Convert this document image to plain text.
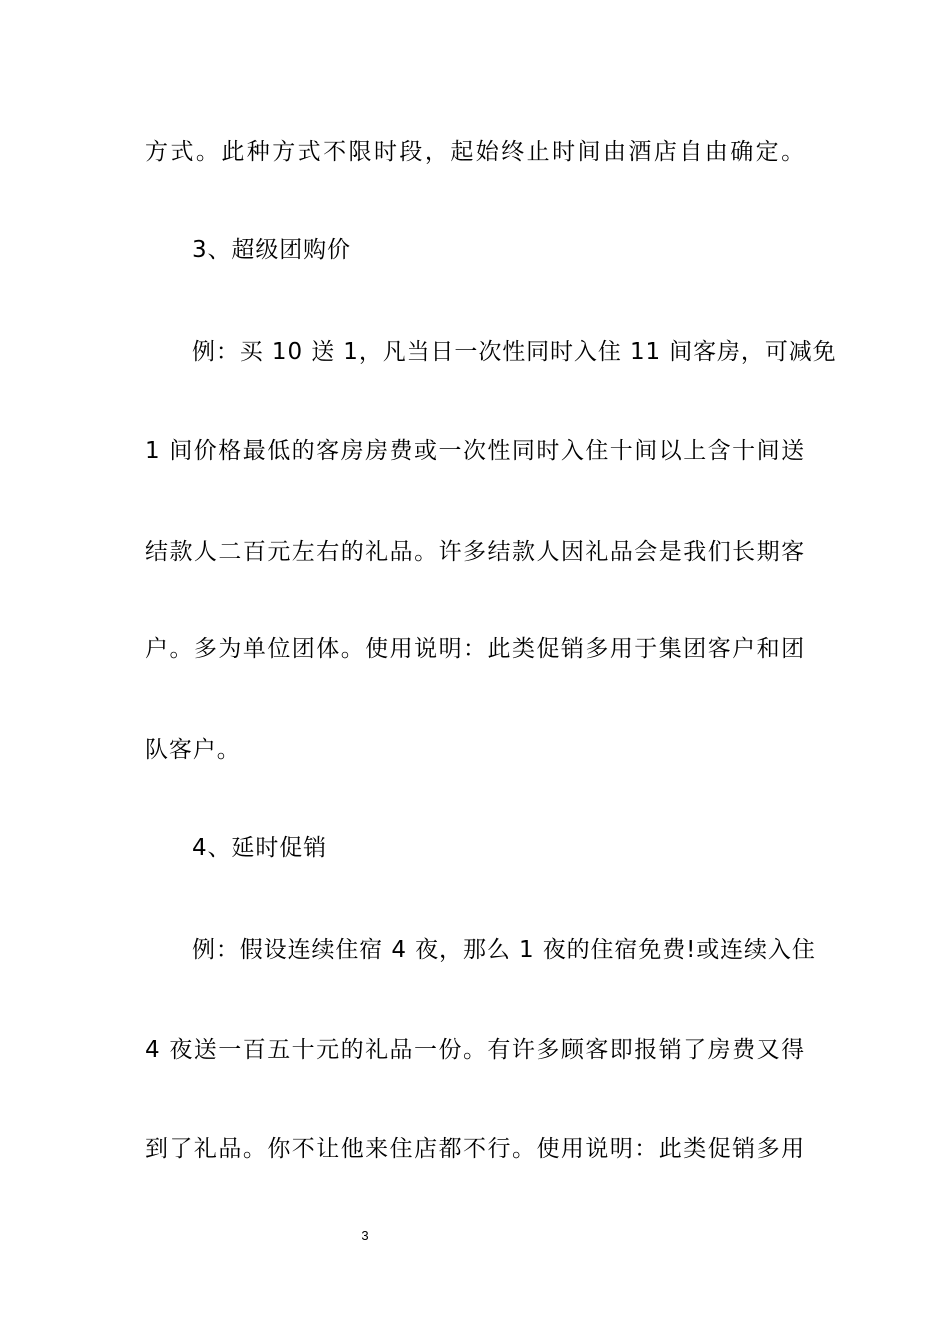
方式。此种方式不限时段，起始终止时间由酒店自由确定。
3、超级团购价
例：买 10 送 1，凡当日一次性同时入住 11 间客房，可减免
1 间价格最低的客房房费或一次性同时入住十间以上含十间送
结款人二百元左右的礼品。许多结款人因礼品会是我们长期客
户。多为单位团体。使用说明：此类促销多用于集团客户和团
队客户。
4、延时促销
例：假设连续住宿 4 夜，那么 1 夜的住宿免费!或连续入住
4 夜送一百五十元的礼品一份。有许多顾客即报销了房费又得
到了礼品。你不让他来住店都不行。使用说明：此类促销多用
3
